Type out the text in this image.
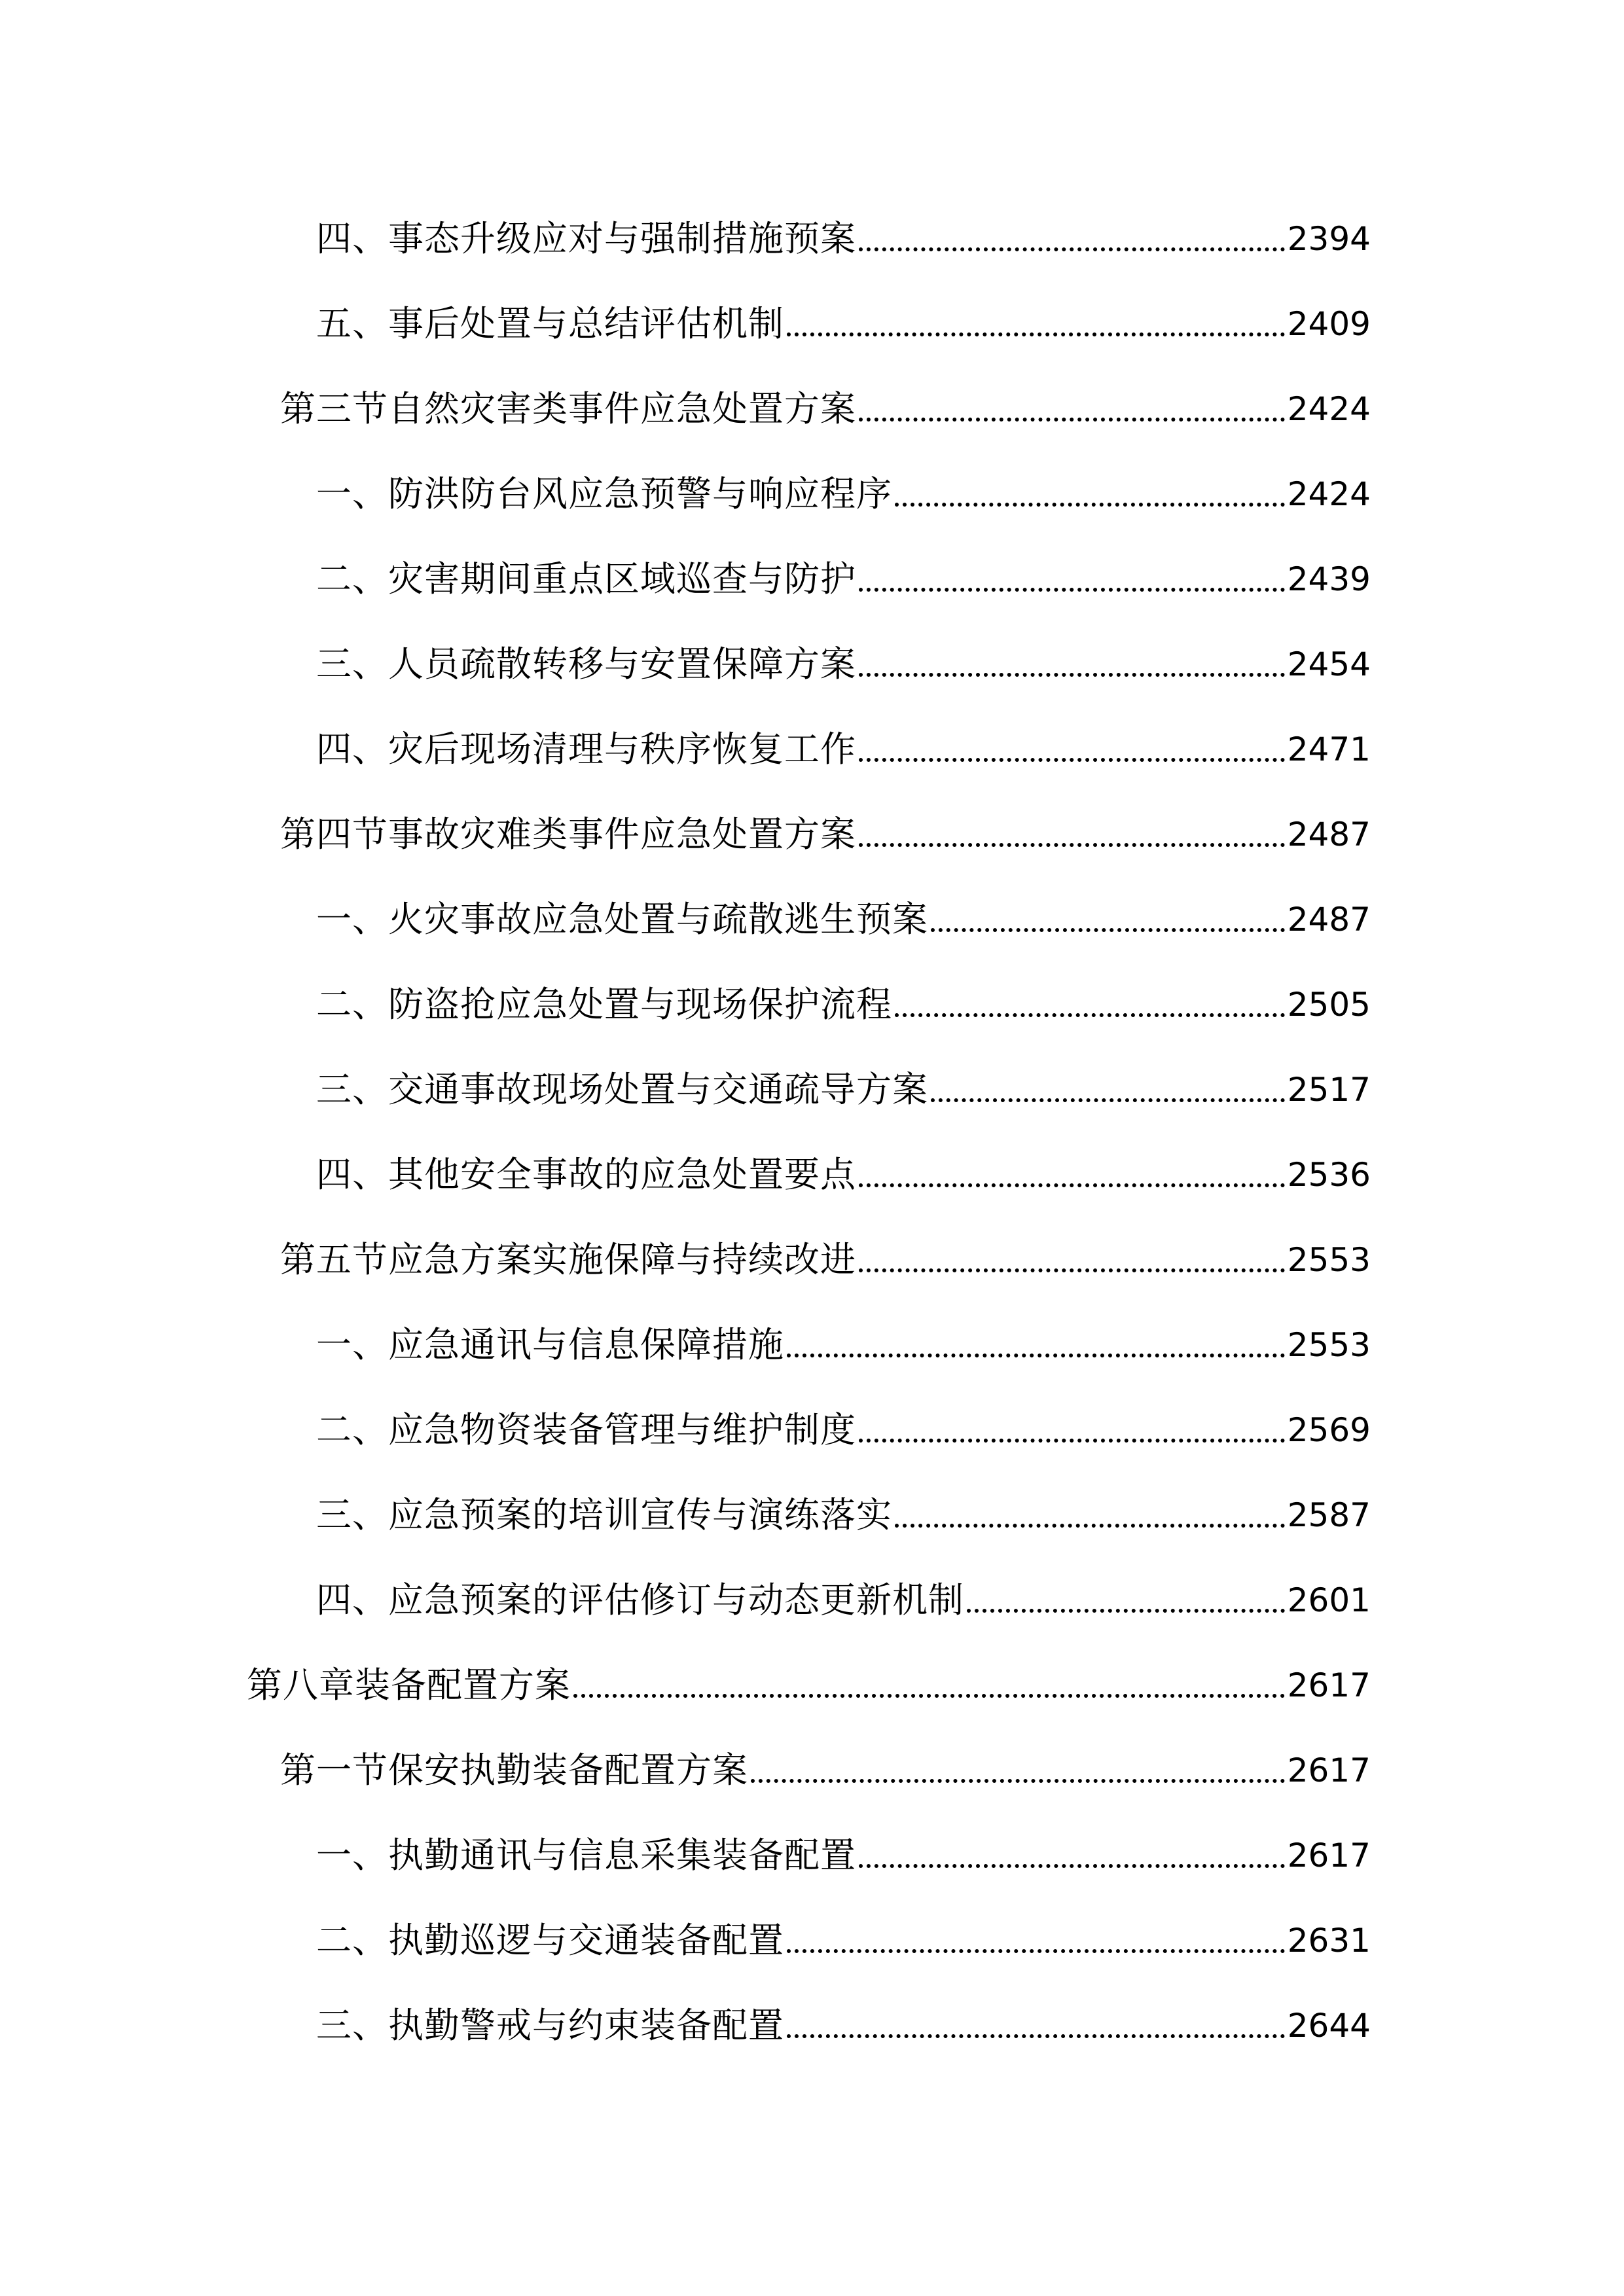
四、事态升级应对与强制措施预案	2394
五、事后处置与总结评估机制	2409
第三节自然灾害类事件应急处置方案	2424
一、防洪防台风应急预警与响应程序	2424
二、灾害期间重点区域巡查与防护	2439
三、人员疏散转移与安置保障方案	2454
四、灾后现场清理与秩序恢复工作	2471
第四节事故灾难类事件应急处置方案	2487
一、火灾事故应急处置与疏散逃生预案	2487
二、防盗抢应急处置与现场保护流程	2505
三、交通事故现场处置与交通疏导方案	2517
四、其他安全事故的应急处置要点	2536
第五节应急方案实施保障与持续改进	2553
一、应急通讯与信息保障措施	2553
二、应急物资装备管理与维护制度	2569
三、应急预案的培训宣传与演练落实	2587
四、应急预案的评估修订与动态更新机制	2601
第八章装备配置方案	2617
第一节保安执勤装备配置方案	2617
一、执勤通讯与信息采集装备配置	2617
二、执勤巡逻与交通装备配置	2631
三、执勤警戒与约束装备配置	2644
